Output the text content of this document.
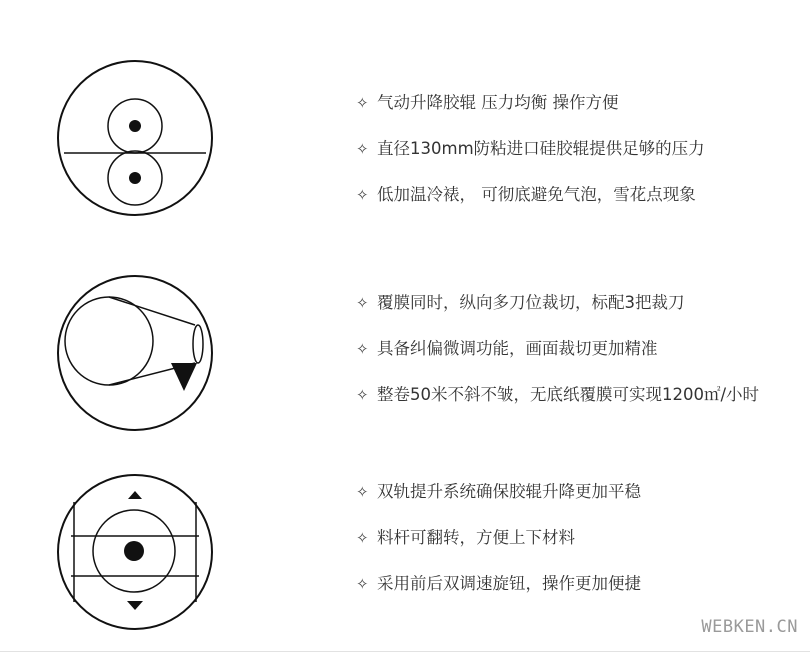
✧ 气动升降胶辊 压力均衡 操作方便
✧ 直径130mm防粘进口硅胶辊提供足够的压力
✧ 低加温冷裱， 可彻底避免气泡，雪花点现象
✧ 覆膜同时，纵向多刀位裁切，标配3把裁刀
✧ 具备纠偏微调功能，画面裁切更加精准
✧ 整卷50米不斜不皱，无底纸覆膜可实现1200㎡/小时
✧ 双轨提升系统确保胶辊升降更加平稳
✧ 料杆可翻转，方便上下材料
✧ 采用前后双调速旋钮，操作更加便捷
WEBKEN.CN
